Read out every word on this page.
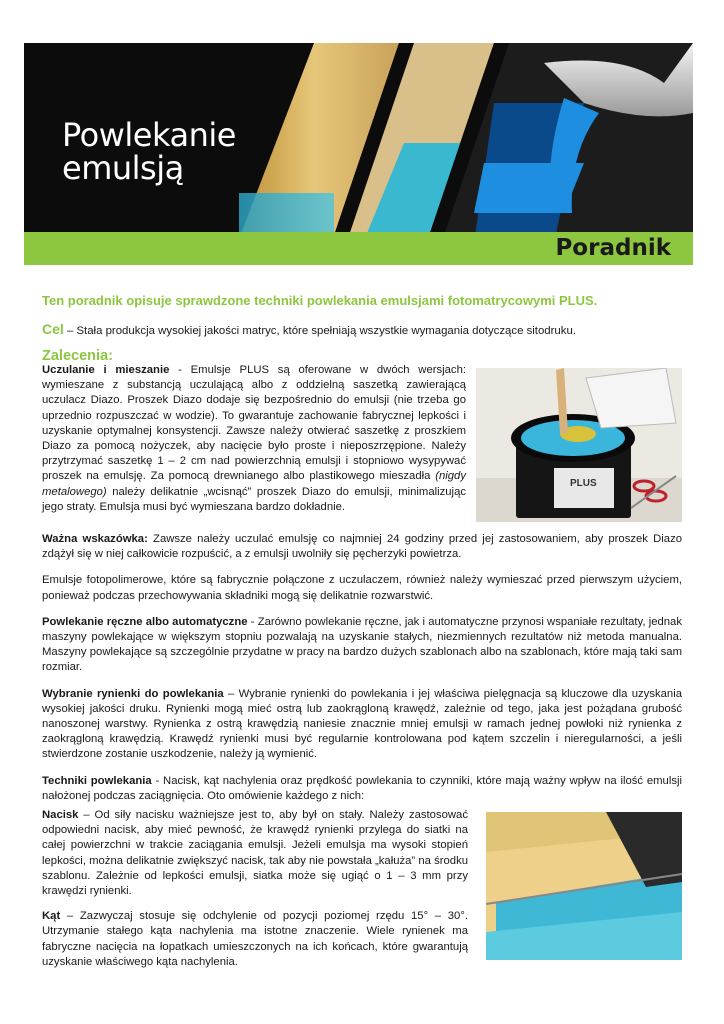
Powlekanie
emulsją
Poradnik

Ten poradnik opisuje sprawdzone techniki powlekania emulsjami fotomatrycowymi PLUS.

Cel – Stała produkcja wysokiej jakości matryc, które spełniają wszystkie wymagania dotyczące sitodruku.

Zalecenia:

Uczulanie i mieszanie - Emulsje PLUS są oferowane w dwóch wersjach: wymieszane z substancją uczulającą albo z oddzielną saszetką zawierającą uczulacz Diazo. Proszek Diazo dodaje się bezpośrednio do emulsji (nie trzeba go uprzednio rozpuszczać w wodzie). To gwarantuje zachowanie fabrycznej lepkości i uzyskanie optymalnej konsystencji. Zawsze należy otwierać saszetkę z proszkiem Diazo za pomocą nożyczek, aby nacięcie było proste i nieposzrzępione. Należy przytrzymać saszetkę 1 – 2 cm nad powierzchnią emulsji i stopniowo wysypywać proszek na emulsję. Za pomocą drewnianego albo plastikowego mieszadła (nigdy metalowego) należy delikatnie „wcisnąć” proszek Diazo do emulsji, minimalizując jego straty. Emulsja musi być wymieszana bardzo dokładnie.

PLUS

Ważna wskazówka: Zawsze należy uczulać emulsję co najmniej 24 godziny przed jej zastosowaniem, aby proszek Diazo zdążył się w niej całkowicie rozpuścić, a z emulsji uwolniły się pęcherzyki powietrza.

Emulsje fotopolimerowe, które są fabrycznie połączone z uczulaczem, również należy wymieszać przed pierwszym użyciem, ponieważ podczas przechowywania składniki mogą się delikatnie rozwarstwić.

Powlekanie ręczne albo automatyczne - Zarówno powlekanie ręczne, jak i automatyczne przynosi wspaniałe rezultaty, jednak maszyny powlekające w większym stopniu pozwalają na uzyskanie stałych, niezmiennych rezultatów niż metoda manualna. Maszyny powlekające są szczególnie przydatne w pracy na bardzo dużych szablonach albo na szablonach, które mają taki sam rozmiar.

Wybranie rynienki do powlekania – Wybranie rynienki do powlekania i jej właściwa pielęgnacja są kluczowe dla uzyskania wysokiej jakości druku. Rynienki mogą mieć ostrą lub zaokrągloną krawędź, zależnie od tego, jaka jest pożądana grubość nanoszonej warstwy. Rynienka z ostrą krawędzią naniesie znacznie mniej emulsji w ramach jednej powłoki niż rynienka z zaokrągloną krawędzią. Krawędź rynienki musi być regularnie kontrolowana pod kątem szczelin i nieregularności, a jeśli stwierdzone zostanie uszkodzenie, należy ją wymienić.

Techniki powlekania - Nacisk, kąt nachylenia oraz prędkość powlekania to czynniki, które mają ważny wpływ na ilość emulsji nałożonej podczas zaciągnięcia. Oto omówienie każdego z nich:

Nacisk – Od siły nacisku ważniejsze jest to, aby był on stały. Należy zastosować odpowiedni nacisk, aby mieć pewność, że krawędź rynienki przylega do siatki na całej powierzchni w trakcie zaciągania emulsji. Jeżeli emulsja ma wysoki stopień lepkości, można delikatnie zwiększyć nacisk, tak aby nie powstała „kałuża” na środku szablonu. Zależnie od lepkości emulsji, siatka może się ugiąć o 1 – 3 mm przy krawędzi rynienki.

Kąt – Zazwyczaj stosuje się odchylenie od pozycji poziomej rzędu 15° – 30°. Utrzymanie stałego kąta nachylenia ma istotne znaczenie. Wiele rynienek ma fabryczne nacięcia na łopatkach umieszczonych na ich końcach, które gwarantują uzyskanie właściwego kąta nachylenia.
